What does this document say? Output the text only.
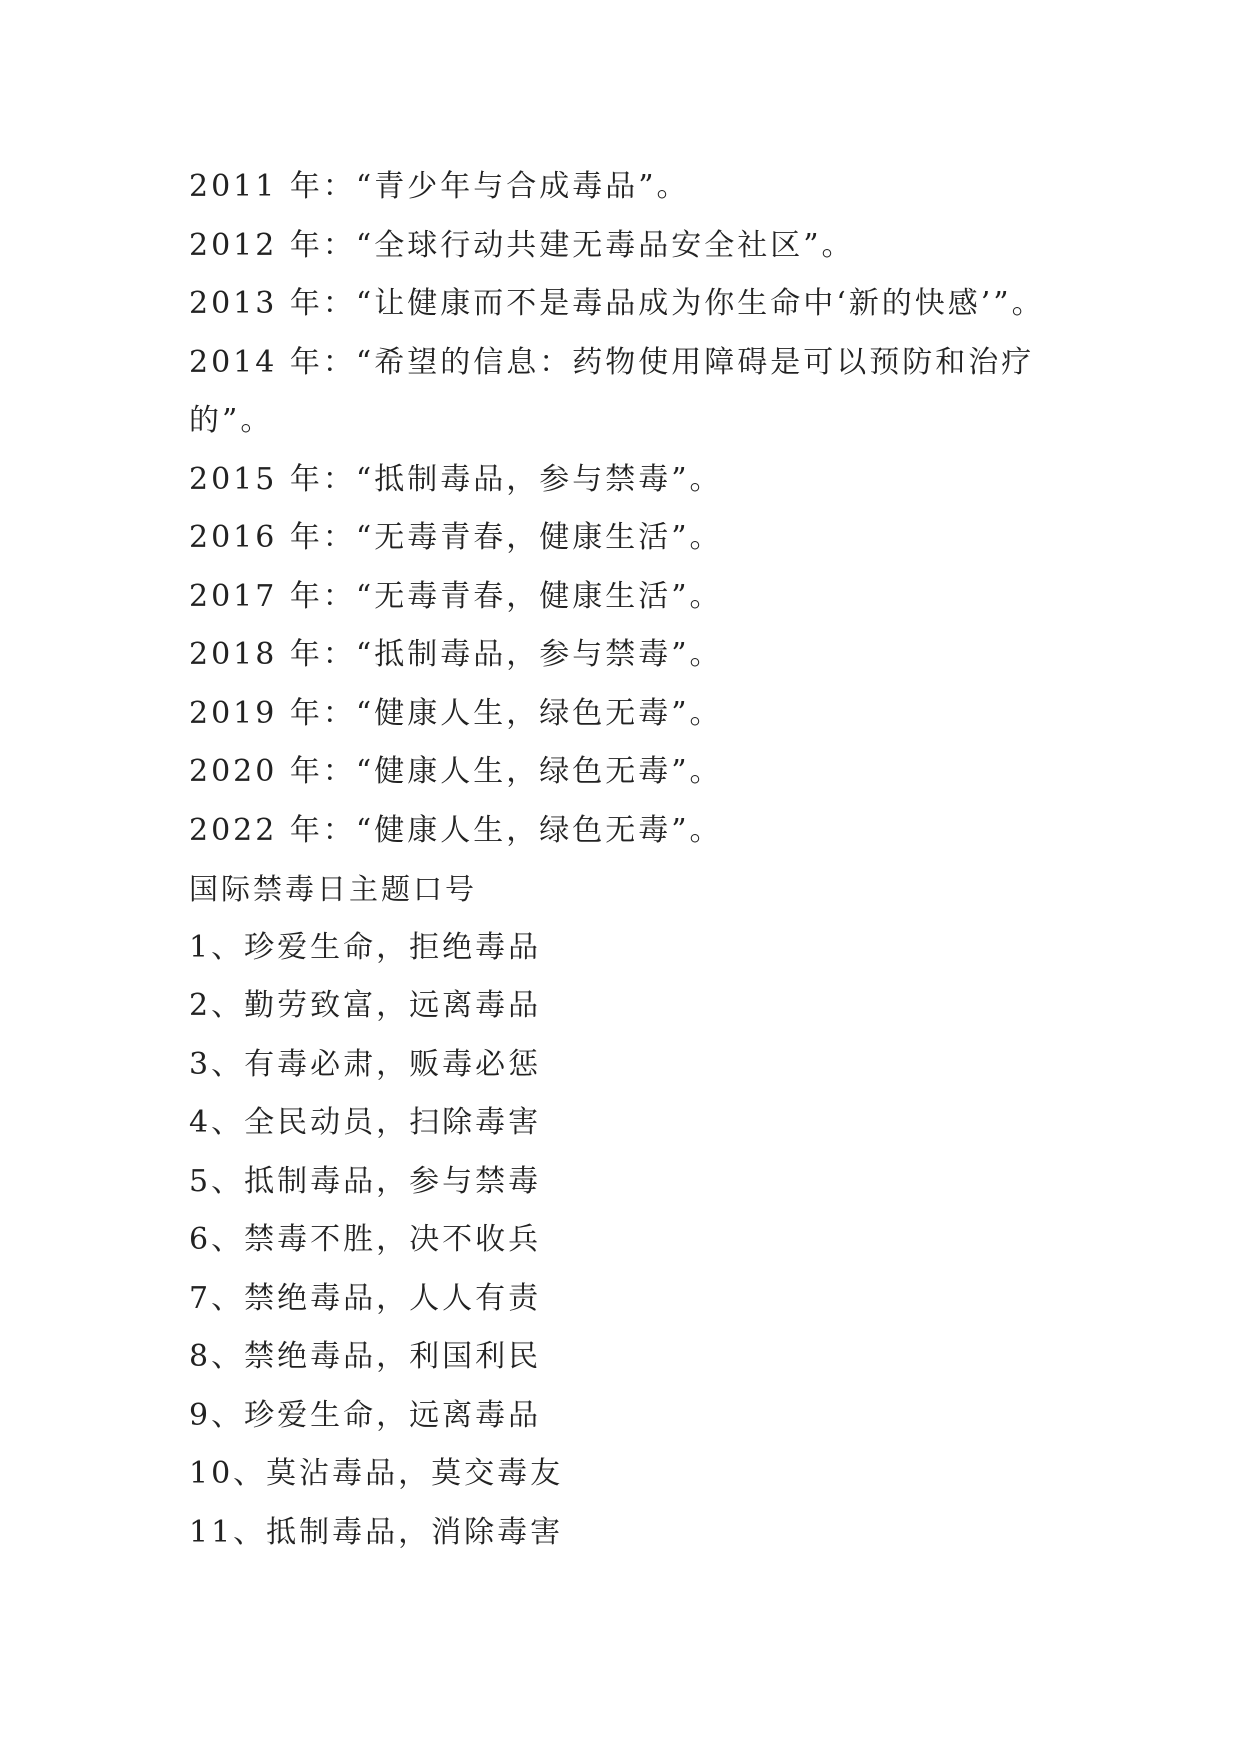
2011 年：“青少年与合成毒品”。
2012 年：“全球行动共建无毒品安全社区”。
2013 年：“让健康而不是毒品成为你生命中‘新的快感’”。
2014 年：“希望的信息：药物使用障碍是可以预防和治疗的”。
2015 年：“抵制毒品，参与禁毒”。
2016 年：“无毒青春，健康生活”。
2017 年：“无毒青春，健康生活”。
2018 年：“抵制毒品，参与禁毒”。
2019 年：“健康人生，绿色无毒”。
2020 年：“健康人生，绿色无毒”。
2022 年：“健康人生，绿色无毒”。
国际禁毒日主题口号
1、珍爱生命，拒绝毒品
2、勤劳致富，远离毒品
3、有毒必肃，贩毒必惩
4、全民动员，扫除毒害
5、抵制毒品，参与禁毒
6、禁毒不胜，决不收兵
7、禁绝毒品，人人有责
8、禁绝毒品，利国利民
9、珍爱生命，远离毒品
10、莫沾毒品，莫交毒友
11、抵制毒品，消除毒害
